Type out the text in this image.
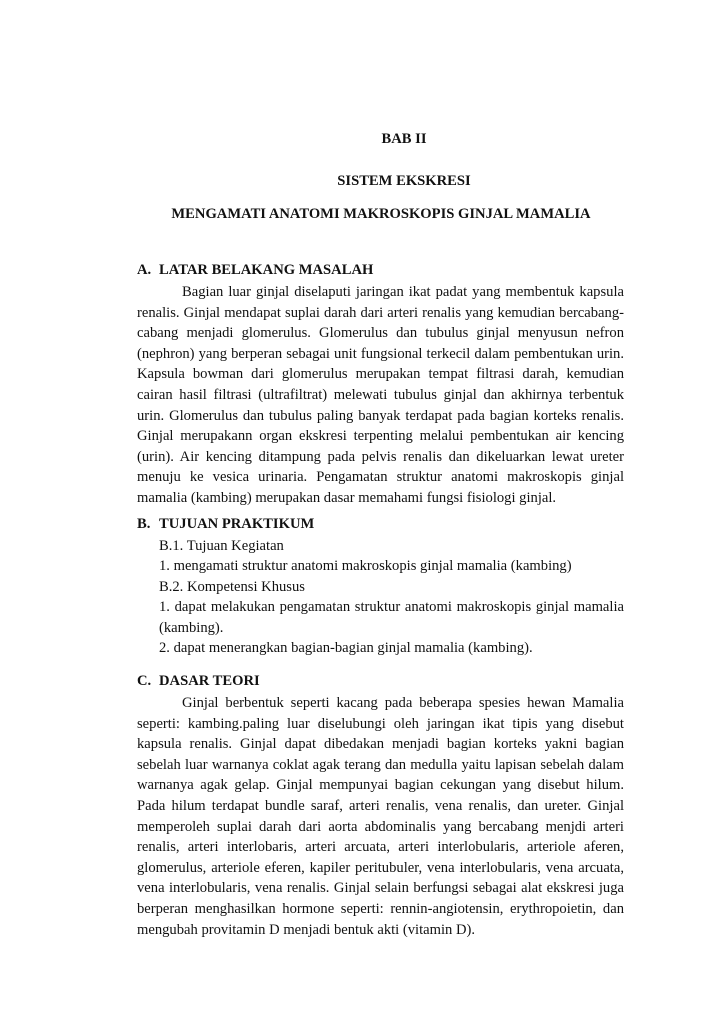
BAB II
SISTEM EKSKRESI
MENGAMATI ANATOMI MAKROSKOPIS GINJAL MAMALIA
A. LATAR BELAKANG MASALAH

Bagian luar ginjal diselaputi jaringan ikat padat yang membentuk kapsula renalis. Ginjal mendapat suplai darah dari arteri renalis yang kemudian bercabang-cabang menjadi glomerulus. Glomerulus dan tubulus ginjal menyusun nefron (nephron) yang berperan sebagai unit fungsional terkecil dalam pembentukan urin. Kapsula bowman dari glomerulus merupakan tempat filtrasi darah, kemudian cairan hasil filtrasi (ultrafiltrat) melewati tubulus ginjal dan akhirnya terbentuk urin. Glomerulus dan tubulus paling banyak terdapat pada bagian korteks renalis. Ginjal merupakann organ ekskresi terpenting melalui pembentukan air kencing (urin). Air kencing ditampung pada pelvis renalis dan dikeluarkan lewat ureter menuju ke vesica urinaria. Pengamatan struktur anatomi makroskopis ginjal mamalia (kambing) merupakan dasar memahami fungsi fisiologi ginjal.

B. TUJUAN PRAKTIKUM

B.1. Tujuan Kegiatan

1. mengamati struktur anatomi makroskopis ginjal mamalia (kambing)

B.2. Kompetensi Khusus

1. dapat melakukan pengamatan struktur anatomi makroskopis ginjal mamalia (kambing).

2. dapat menerangkan bagian-bagian ginjal mamalia (kambing).

C. DASAR TEORI

Ginjal berbentuk seperti kacang pada beberapa spesies hewan Mamalia seperti: kambing.paling luar diselubungi oleh jaringan ikat tipis yang disebut kapsula renalis. Ginjal dapat dibedakan menjadi bagian korteks yakni bagian sebelah luar warnanya coklat agak terang dan medulla yaitu lapisan sebelah dalam warnanya agak gelap. Ginjal mempunyai bagian cekungan yang disebut hilum. Pada hilum terdapat bundle saraf, arteri renalis, vena renalis, dan ureter. Ginjal memperoleh suplai darah dari aorta abdominalis yang bercabang menjdi arteri renalis, arteri interlobaris, arteri arcuata, arteri interlobularis, arteriole aferen, glomerulus, arteriole eferen, kapiler peritubuler, vena interlobularis, vena arcuata, vena interlobularis, vena renalis. Ginjal selain berfungsi sebagai alat ekskresi juga berperan menghasilkan hormone seperti: rennin-angiotensin, erythropoietin, dan mengubah provitamin D menjadi bentuk akti (vitamin D).
